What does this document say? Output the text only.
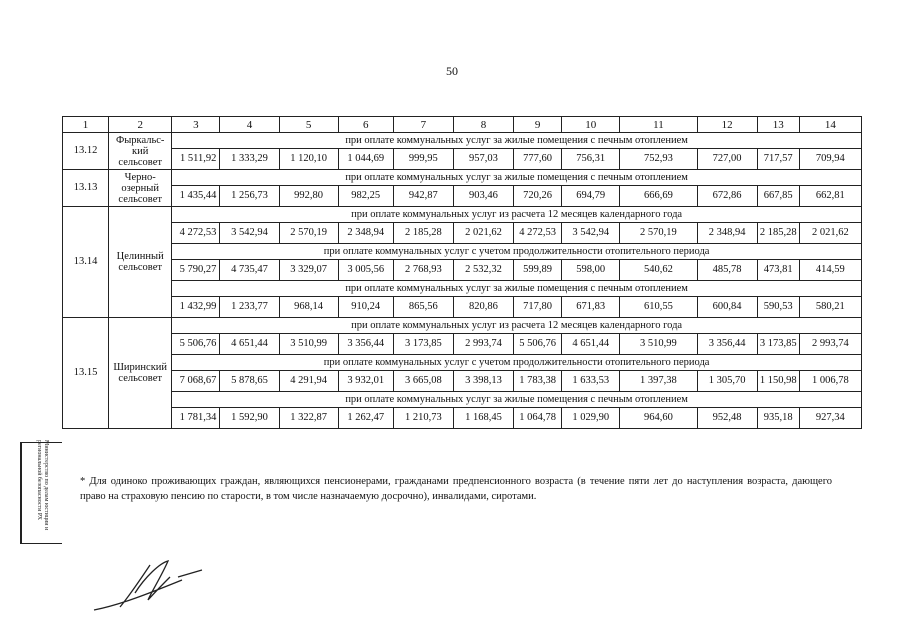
50
1	2	3	4	5	6	7	8	9	10	11	12	13	14
13.12	Фыркальс-кий сельсовет	при оплате коммунальных услуг за жилые помещения с печным отоплением											
		1 511,92	1 333,29	1 120,10	1 044,69	999,95	957,03	777,60	756,31	752,93	727,00	717,57	709,94
13.13	Черно-озерный сельсовет	при оплате коммунальных услуг за жилые помещения с печным отоплением											
		1 435,44	1 256,73	992,80	982,25	942,87	903,46	720,26	694,79	666,69	672,86	667,85	662,81
13.14	Целинный сельсовет	при оплате коммунальных услуг из расчета 12 месяцев календарного года											
		4 272,53	3 542,94	2 570,19	2 348,94	2 185,28	2 021,62	4 272,53	3 542,94	2 570,19	2 348,94	2 185,28	2 021,62
		при оплате коммунальных услуг с учетом продолжительности отопительного периода											
		5 790,27	4 735,47	3 329,07	3 005,56	2 768,93	2 532,32	599,89	598,00	540,62	485,78	473,81	414,59
		при оплате коммунальных услуг за жилые помещения с печным отоплением											
		1 432,99	1 233,77	968,14	910,24	865,56	820,86	717,80	671,83	610,55	600,84	590,53	580,21
13.15	Ширинский сельсовет	при оплате коммунальных услуг из расчета 12 месяцев календарного года											
		5 506,76	4 651,44	3 510,99	3 356,44	3 173,85	2 993,74	5 506,76	4 651,44	3 510,99	3 356,44	3 173,85	2 993,74
		при оплате коммунальных услуг с учетом продолжительности отопительного периода											
		7 068,67	5 878,65	4 291,94	3 932,01	3 665,08	3 398,13	1 783,38	1 633,53	1 397,38	1 305,70	1 150,98	1 006,78
		при оплате коммунальных услуг за жилые помещения с печным отоплением											
		1 781,34	1 592,90	1 322,87	1 262,47	1 210,73	1 168,45	1 064,78	1 029,90	964,60	952,48	935,18	927,34
* Для одиноко проживающих граждан, являющихся пенсионерами, гражданами предпенсионного возраста (в течение пяти лет до наступления возраста, дающего право на страховую пенсию по старости, в том числе назначаемую досрочно), инвалидами, сиротами.
Министерство по делам юстиции и региональной безопасности РХ
